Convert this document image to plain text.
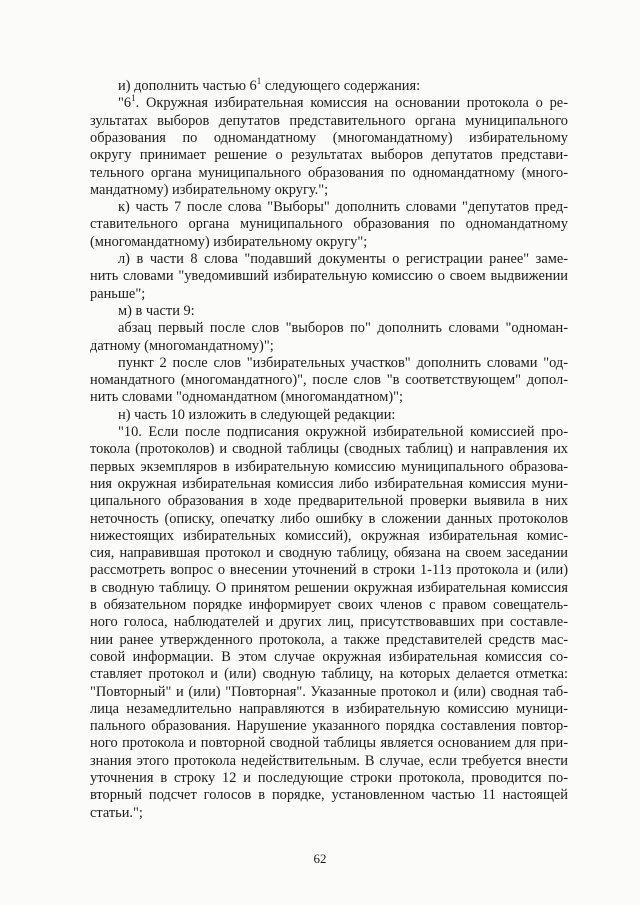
и) дополнить частью $6^1$ следующего содержания:
"$6^1$. Окружная избирательная комиссия на основании протокола о ре-
зультатах выборов депутатов представительного органа муниципального
образования по одномандатному (многомандатному) избирательному
округу принимает решение о результатах выборов депутатов представи-
тельного органа муниципального образования по одномандатному (много-
мандатному) избирательному округу.";
к) часть 7 после слова "Выборы" дополнить словами "депутатов пред-
ставительного органа муниципального образования по одномандатному
(многомандатному) избирательному округу";
л) в части 8 слова "подавший документы о регистрации ранее" заме-
нить словами "уведомивший избирательную комиссию о своем выдвижении
раньше";
м) в части 9:
абзац первый после слов "выборов по" дополнить словами "одноман-
датному (многомандатному)";
пункт 2 после слов "избирательных участков" дополнить словами "од-
номандатного (многомандатного)", после слов "в соответствующем" допол-
нить словами "одномандатном (многомандатном)";
н) часть 10 изложить в следующей редакции:
"10. Если после подписания окружной избирательной комиссией про-
токола (протоколов) и сводной таблицы (сводных таблиц) и направления их
первых экземпляров в избирательную комиссию муниципального образова-
ния окружная избирательная комиссия либо избирательная комиссия муни-
ципального образования в ходе предварительной проверки выявила в них
неточность (описку, опечатку либо ошибку в сложении данных протоколов
нижестоящих избирательных комиссий), окружная избирательная комис-
сия, направившая протокол и сводную таблицу, обязана на своем заседании
рассмотреть вопрос о внесении уточнений в строки 1-11з протокола и (или)
в сводную таблицу. О принятом решении окружная избирательная комиссия
в обязательном порядке информирует своих членов с правом совещатель-
ного голоса, наблюдателей и других лиц, присутствовавших при составле-
нии ранее утвержденного протокола, а также представителей средств мас-
совой информации. В этом случае окружная избирательная комиссия со-
ставляет протокол и (или) сводную таблицу, на которых делается отметка:
"Повторный" и (или) "Повторная". Указанные протокол и (или) сводная таб-
лица незамедлительно направляются в избирательную комиссию муници-
пального образования. Нарушение указанного порядка составления повтор-
ного протокола и повторной сводной таблицы является основанием для при-
знания этого протокола недействительным. В случае, если требуется внести
уточнения в строку 12 и последующие строки протокола, проводится по-
вторный подсчет голосов в порядке, установленном частью 11 настоящей
статьи.";
62
